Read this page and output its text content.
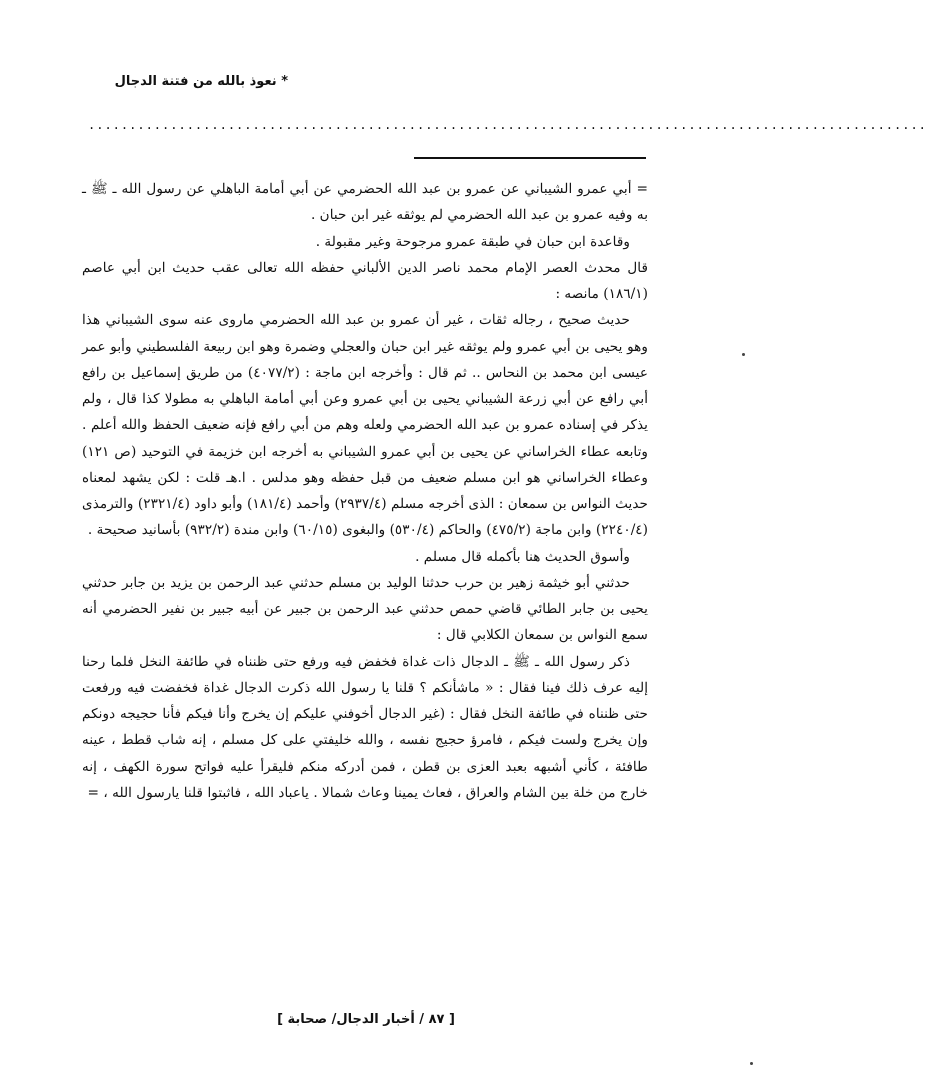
* نعوذ بالله من فتنة الدجال
......................................................................................................

= أبي عمرو الشيباني عن عمرو بن عبد الله الحضرمي عن أبي أمامة الباهلي عن رسول الله ـ ﷺ ـ به وفيه عمرو بن عبد الله الحضرمي لم يوثقه غير ابن حبان .

وقاعدة ابن حبان في طبقة عمرو مرجوحة وغير مقبولة .

قال محدث العصر الإمام محمد ناصر الدين الألباني حفظه الله تعالى عقب حديث ابن أبي عاصم (١٨٦/١) مانصه :

حديث صحيح ، رجاله ثقات ، غير أن عمرو بن عبد الله الحضرمي ماروى عنه سوى الشيباني هذا وهو يحيى بن أبي عمرو ولم يوثقه غير ابن حبان والعجلي وضمرة وهو ابن ربيعة الفلسطيني وأبو عمر عيسى ابن محمد بن النحاس .. ثم قال : وأخرجه ابن ماجة : (٤٠٧٧/٢) من طريق إسماعيل بن رافع أبي رافع عن أبي زرعة الشيباني يحيى بن أبي عمرو وعن أبي أمامة الباهلي به مطولا كذا قال ، ولم يذكر في إسناده عمرو بن عبد الله الحضرمي ولعله وهم من أبي رافع فإنه ضعيف الحفظ والله أعلم . وتابعه عطاء الخراساني عن يحيى بن أبي عمرو الشيباني به أخرجه ابن خزيمة في التوحيد (ص ١٢١) وعطاء الخراساني هو ابن مسلم ضعيف من قبل حفظه وهو مدلس . ا.هـ قلت : لكن يشهد لمعناه حديث النواس بن سمعان : الذى أخرجه مسلم (٢٩٣٧/٤) وأحمد (١٨١/٤) وأبو داود (٢٣٢١/٤) والترمذى (٢٢٤٠/٤) وابن ماجة (٤٧٥/٢) والحاكم (٥٣٠/٤) والبغوى (٦٠/١٥) وابن مندة (٩٣٢/٢) بأسانيد صحيحة .

وأسوق الحديث هنا بأكمله قال مسلم .

حدثني أبو خيثمة زهير بن حرب حدثنا الوليد بن مسلم حدثني عبد الرحمن بن يزيد بن جابر حدثني يحيى بن جابر الطائي قاضي حمص حدثني عبد الرحمن بن جبير عن أبيه جبير بن نفير الحضرمي أنه سمع النواس بن سمعان الكلابي قال :

ذكر رسول الله ـ ﷺ ـ الدجال ذات غداة فخفض فيه ورفع حتى ظنناه في طائفة النخل فلما رحنا إليه عرف ذلك فينا فقال : « ماشأنكم ؟ قلنا يا رسول الله ذكرت الدجال غداة فخفضت فيه ورفعت حتى ظنناه في طائفة النخل فقال : (غير الدجال أخوفني عليكم إن يخرج وأنا فيكم فأنا حجيجه دونكم وإن يخرج ولست فيكم ، فامرؤ حجيج نفسه ، والله خليفتي على كل مسلم ، إنه شاب قطط ، عينه طافئة ، كأني أشبهه بعبد العزى بن قطن ، فمن أدركه منكم فليقرأ عليه فواتح سورة الكهف ، إنه خارج من خلة بين الشام والعراق ، فعاث يمينا وعاث شمالا . ياعباد الله ، فاثبتوا قلنا يارسول الله ، =

[ ٨٧ / أخبار الدجال/ صحابة ]
